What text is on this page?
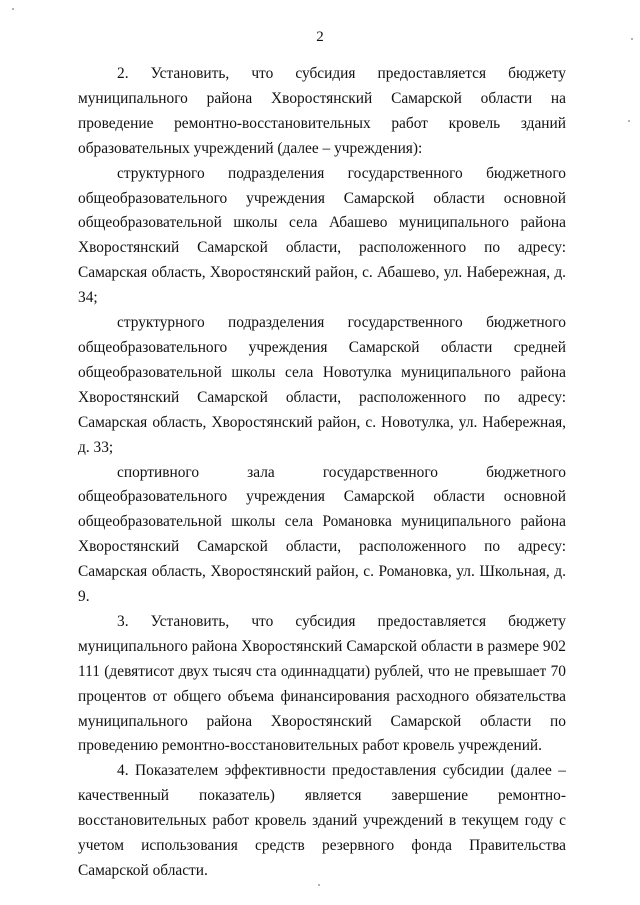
2

2. Установить, что субсидия предоставляется бюджету муниципального района Хворостянский Самарской области на проведение ремонтно-восстановительных работ кровель зданий образовательных учреждений (далее – учреждения):

структурного подразделения государственного бюджетного общеобразовательного учреждения Самарской области основной общеобразовательной школы села Абашево муниципального района Хворостянский Самарской области, расположенного по адресу: Самарская область, Хворостянский район, с. Абашево, ул. Набережная, д. 34;

структурного подразделения государственного бюджетного общеобразовательного учреждения Самарской области средней общеобразовательной школы села Новотулка муниципального района Хворостянский Самарской области, расположенного по адресу: Самарская область, Хворостянский район, с. Новотулка, ул. Набережная, д. 33;

спортивного зала государственного бюджетного общеобразовательного учреждения Самарской области основной общеобразовательной школы села Романовка муниципального района Хворостянский Самарской области, расположенного по адресу: Самарская область, Хворостянский район, с. Романовка, ул. Школьная, д. 9.

3. Установить, что субсидия предоставляется бюджету муниципального района Хворостянский Самарской области в размере 902 111 (девятисот двух тысяч ста одиннадцати) рублей, что не превышает 70 процентов от общего объема финансирования расходного обязательства муниципального района Хворостянский Самарской области по проведению ремонтно-восстановительных работ кровель учреждений.

4. Показателем эффективности предоставления субсидии (далее – качественный показатель) является завершение ремонтно-восстановительных работ кровель зданий учреждений в текущем году с учетом использования средств резервного фонда Правительства Самарской области.
